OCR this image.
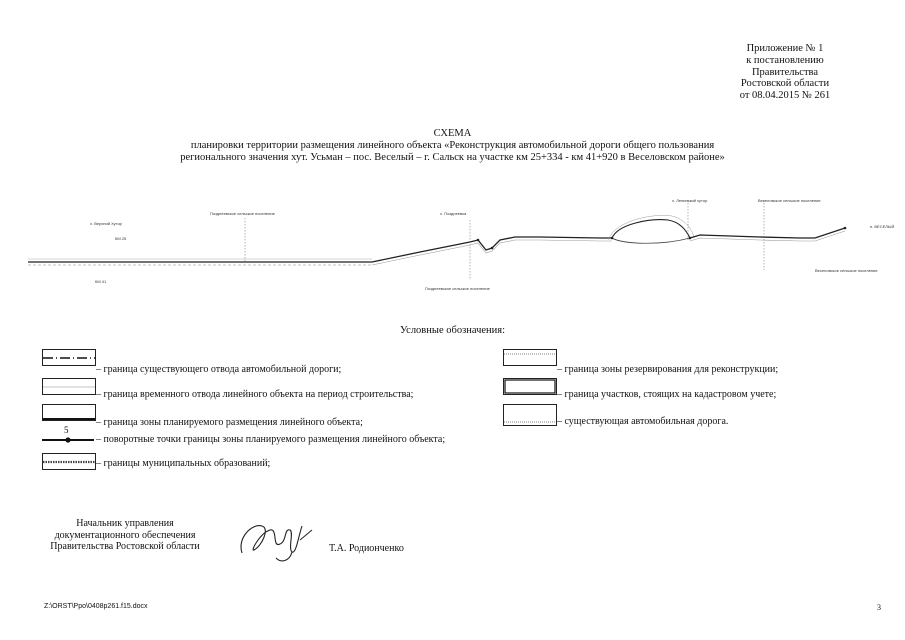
Приложение № 1
к постановлению
Правительства
Ростовской области
от 08.04.2015 № 261
СХЕМА
планировки территории размещения линейного объекта «Реконструкция автомобильной дороги общего пользования
регионального значения хут. Усьман – пос. Веселый – г. Сальск на участке км 25+334 - км 41+920 в Веселовском районе»
х. Верхний Хутор
Позднеевское сельское поселение	х. Позднеевка
х. Ленинский хутор	Веселовское сельское поселение
п. ВЕСЕЛЫЙ
Позднеевское сельское поселение
Веселовское сельское поселение
КМ 25
КМ 41
Условные обозначения:
– граница существующего отвода автомобильной дороги;
– граница временного отвода линейного объекта на период строительства;
– граница зоны планируемого размещения линейного объекта;
5
– поворотные точки границы зоны планируемого размещения линейного объекта;
– границы муниципальных образований;
– граница зоны резервирования для реконструкции;
– граница участков, стоящих на кадастровом учете;
– существующая автомобильная дорога.
Начальник управления
документационного обеспечения
Правительства Ростовской области	Т.А. Родионченко
Z:\ORST\Ppo\0408p261.f15.docx	3
